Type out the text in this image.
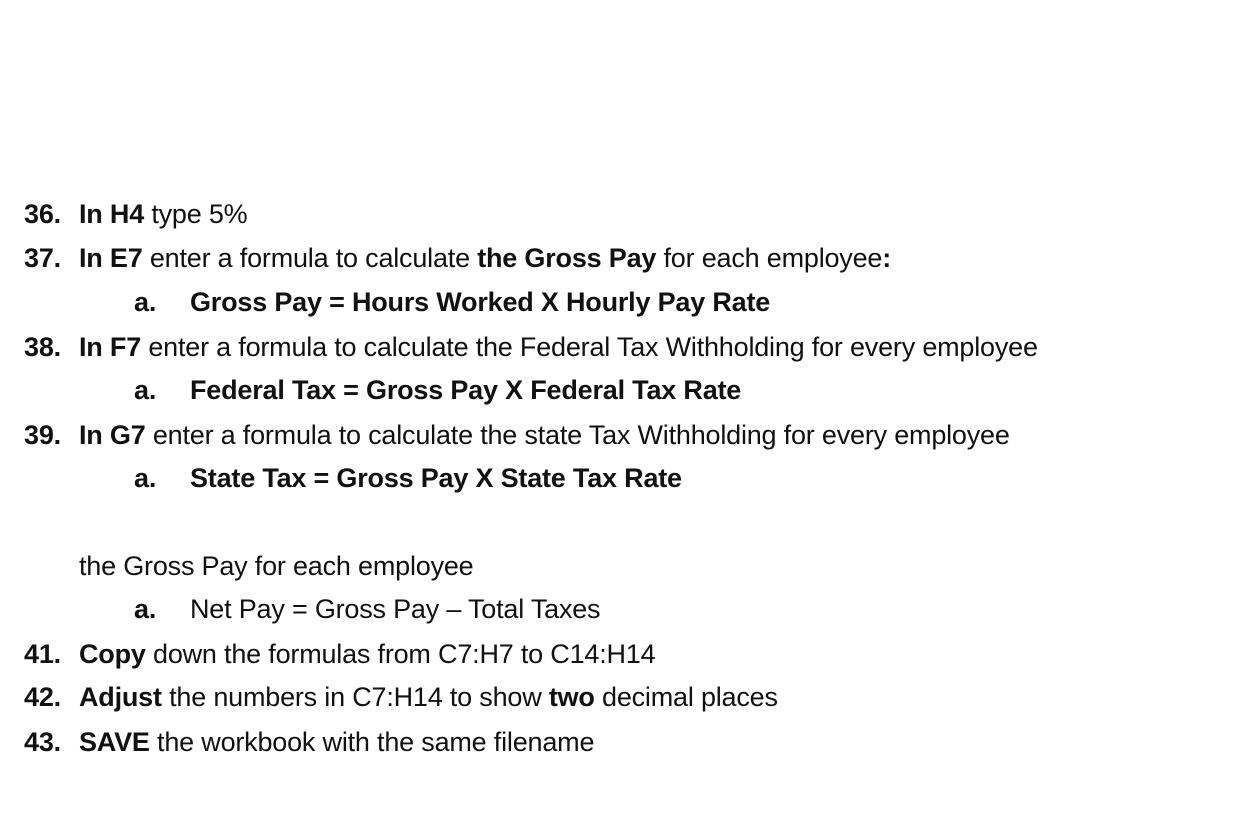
36. In H4 type 5%
37. In E7 enter a formula to calculate the Gross Pay for each employee:
a. Gross Pay = Hours Worked X Hourly Pay Rate
38. In F7 enter a formula to calculate the Federal Tax Withholding for every employee
a. Federal Tax = Gross Pay X Federal Tax Rate
39. In G7 enter a formula to calculate the state Tax Withholding for every employee
a. State Tax = Gross Pay X State Tax Rate
the Gross Pay for each employee
a. Net Pay = Gross Pay – Total Taxes
41. Copy down the formulas from C7:H7 to C14:H14
42. Adjust the numbers in C7:H14 to show two decimal places
43. SAVE the workbook with the same filename
